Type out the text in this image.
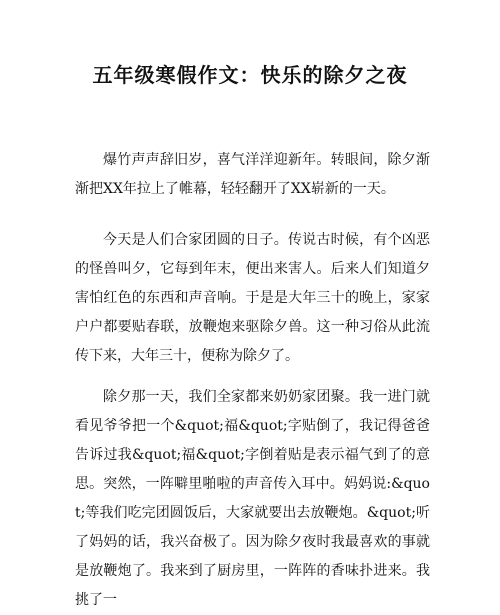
五年级寒假作文：快乐的除夕之夜

爆竹声声辞旧岁，喜气洋洋迎新年。转眼间，除夕渐渐把XX年拉上了帷幕，轻轻翻开了XX崭新的一天。

今天是人们合家团圆的日子。传说古时候，有个凶恶的怪兽叫夕，它每到年末，便出来害人。后来人们知道夕害怕红色的东西和声音响。于是是大年三十的晚上，家家户户都要贴春联，放鞭炮来驱除夕兽。这一种习俗从此流传下来，大年三十，便称为除夕了。

除夕那一天，我们全家都来奶奶家团聚。我一进门就看见爷爷把一个&quot;福&quot;字贴倒了，我记得爸爸告诉过我&quot;福&quot;字倒着贴是表示福气到了的意思。突然，一阵噼里啪啦的声音传入耳中。妈妈说:&quot;等我们吃完团圆饭后，大家就要出去放鞭炮。&quot;听了妈妈的话，我兴奋极了。因为除夕夜时我最喜欢的事就是放鞭炮了。我来到了厨房里，一阵阵的香味扑进来。我挑了一
